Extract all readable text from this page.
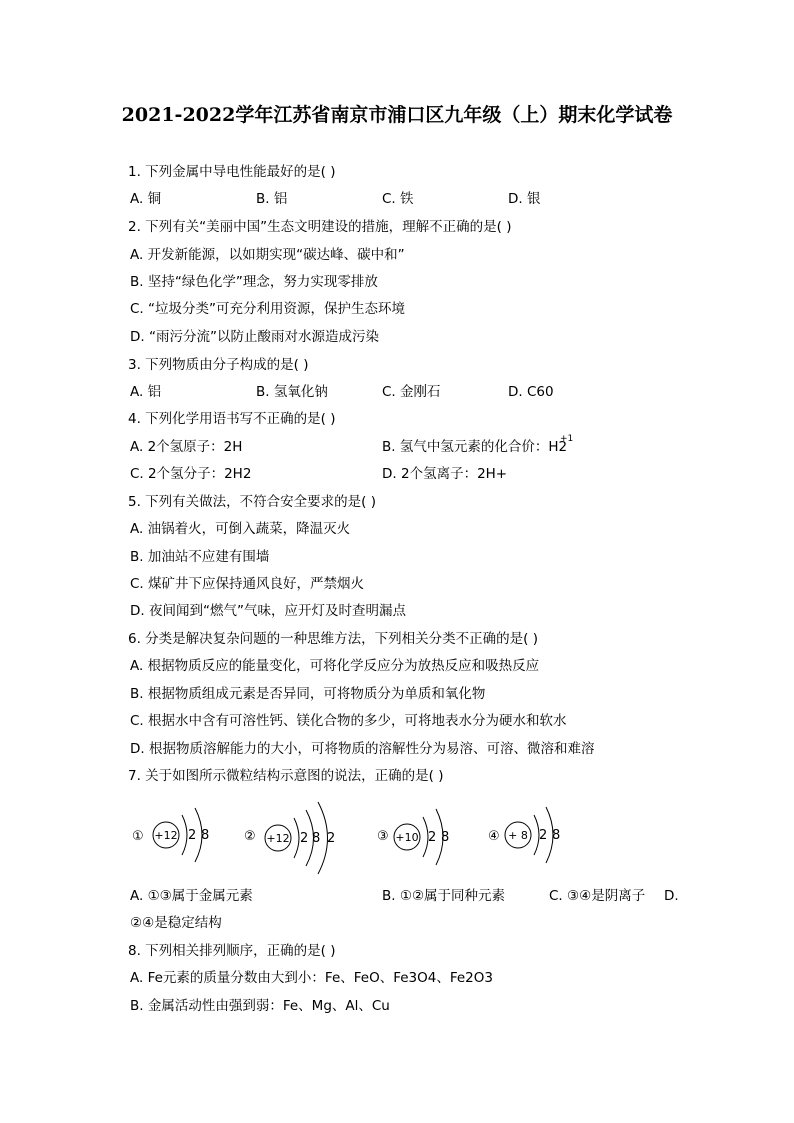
2021-2022学年江苏省南京市浦口区九年级（上）期末化学试卷
1. 下列金属中导电性能最好的是( )
A. 铜	B. 铝	C. 铁	D. 银
2. 下列有关“美丽中国”生态文明建设的措施，理解不正确的是( )
A. 开发新能源，以如期实现“碳达峰、碳中和”
B. 坚持“绿色化学”理念，努力实现零排放
C. “垃圾分类”可充分利用资源，保护生态环境
D. “雨污分流”以防止酸雨对水源造成污染
3. 下列物质由分子构成的是( )
A. 铝	B. 氢氧化钠	C. 金刚石	D. C60
4. 下列化学用语书写不正确的是( )
A. 2个氢原子：2H	B. 氢气中氢元素的化合价：H2
+1
C. 2个氢分子：2H2	D. 2个氢离子：2H+
5. 下列有关做法，不符合安全要求的是( )
A. 油锅着火，可倒入蔬菜，降温灭火
B. 加油站不应建有围墙
C. 煤矿井下应保持通风良好，严禁烟火
D. 夜间闻到“燃气”气味，应开灯及时查明漏点
6. 分类是解决复杂问题的一种思维方法，下列相关分类不正确的是( )
A. 根据物质反应的能量变化，可将化学反应分为放热反应和吸热反应
B. 根据物质组成元素是否异同，可将物质分为单质和氧化物
C. 根据水中含有可溶性钙、镁化合物的多少，可将地表水分为硬水和软水
D. 根据物质溶解能力的大小，可将物质的溶解性分为易溶、可溶、微溶和难溶
7. 关于如图所示微粒结构示意图的说法，正确的是( )
① +12 2 8	② +12 2 8 2	③ +10 2 8	④ + 8 2 8
A. ①③属于金属元素	B. ①②属于同种元素	C. ③④是阴离子 D.
②④是稳定结构
8. 下列相关排列顺序，正确的是( )
A. Fe元素的质量分数由大到小：Fe、FeO、Fe3O4、Fe2O3
B. 金属活动性由强到弱：Fe、Mg、Al、Cu
